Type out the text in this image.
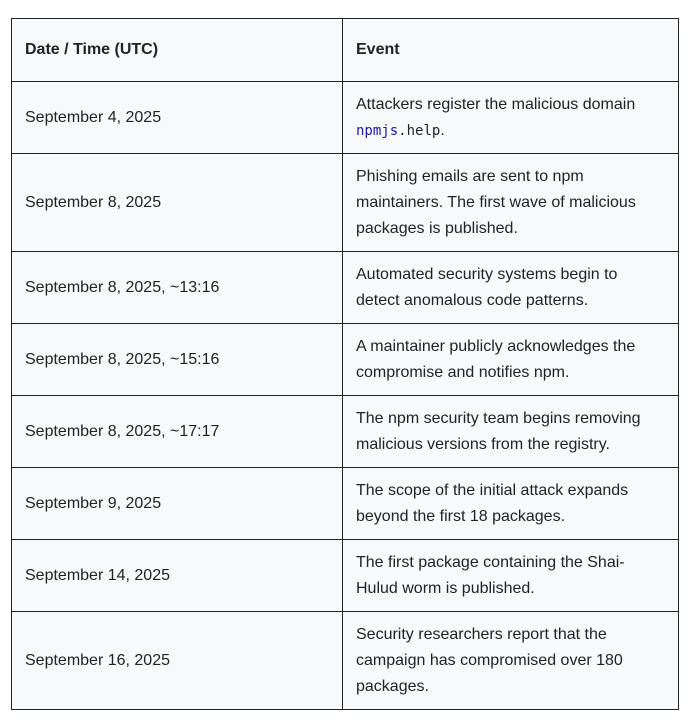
Date / Time (UTC)	Event
September 4, 2025	Attackers register the malicious domain npmjs.help.
September 8, 2025	Phishing emails are sent to npm maintainers. The first wave of malicious packages is published.
September 8, 2025, ~13:16	Automated security systems begin to detect anomalous code patterns.
September 8, 2025, ~15:16	A maintainer publicly acknowledges the compromise and notifies npm.
September 8, 2025, ~17:17	The npm security team begins removing malicious versions from the registry.
September 9, 2025	The scope of the initial attack expands beyond the first 18 packages.
September 14, 2025	The first package containing the Shai-Hulud worm is published.
September 16, 2025	Security researchers report that the campaign has compromised over 180 packages.
